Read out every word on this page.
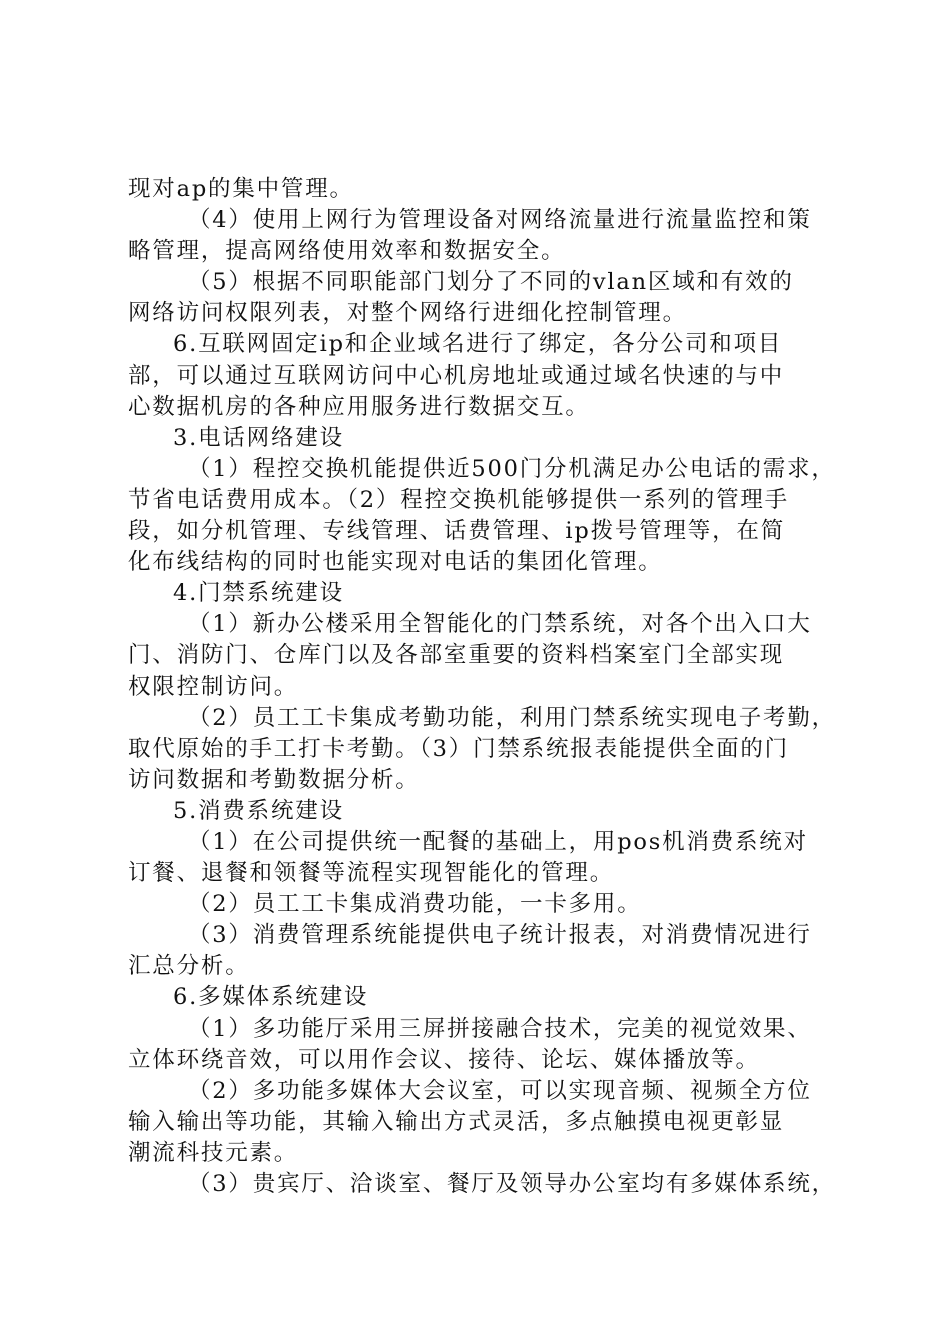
现对ap的集中管理。
（4）使用上网行为管理设备对网络流量进行流量监控和策
略管理，提高网络使用效率和数据安全。
（5）根据不同职能部门划分了不同的vlan区域和有效的
网络访问权限列表，对整个网络行进细化控制管理。
6.互联网固定ip和企业域名进行了绑定，各分公司和项目
部，可以通过互联网访问中心机房地址或通过域名快速的与中
心数据机房的各种应用服务进行数据交互。
3.电话网络建设
（1）程控交换机能提供近500门分机满足办公电话的需求，
节省电话费用成本。（2）程控交换机能够提供一系列的管理手
段，如分机管理、专线管理、话费管理、ip拨号管理等，在简
化布线结构的同时也能实现对电话的集团化管理。
4.门禁系统建设
（1）新办公楼采用全智能化的门禁系统，对各个出入口大
门、消防门、仓库门以及各部室重要的资料档案室门全部实现
权限控制访问。
（2）员工工卡集成考勤功能，利用门禁系统实现电子考勤，
取代原始的手工打卡考勤。（3）门禁系统报表能提供全面的门
访问数据和考勤数据分析。
5.消费系统建设
（1）在公司提供统一配餐的基础上，用pos机消费系统对
订餐、退餐和领餐等流程实现智能化的管理。
（2）员工工卡集成消费功能，一卡多用。
（3）消费管理系统能提供电子统计报表，对消费情况进行
汇总分析。
6.多媒体系统建设
（1）多功能厅采用三屏拼接融合技术，完美的视觉效果、
立体环绕音效，可以用作会议、接待、论坛、媒体播放等。
（2）多功能多媒体大会议室，可以实现音频、视频全方位
输入输出等功能，其输入输出方式灵活，多点触摸电视更彰显
潮流科技元素。
（3）贵宾厅、洽谈室、餐厅及领导办公室均有多媒体系统，
